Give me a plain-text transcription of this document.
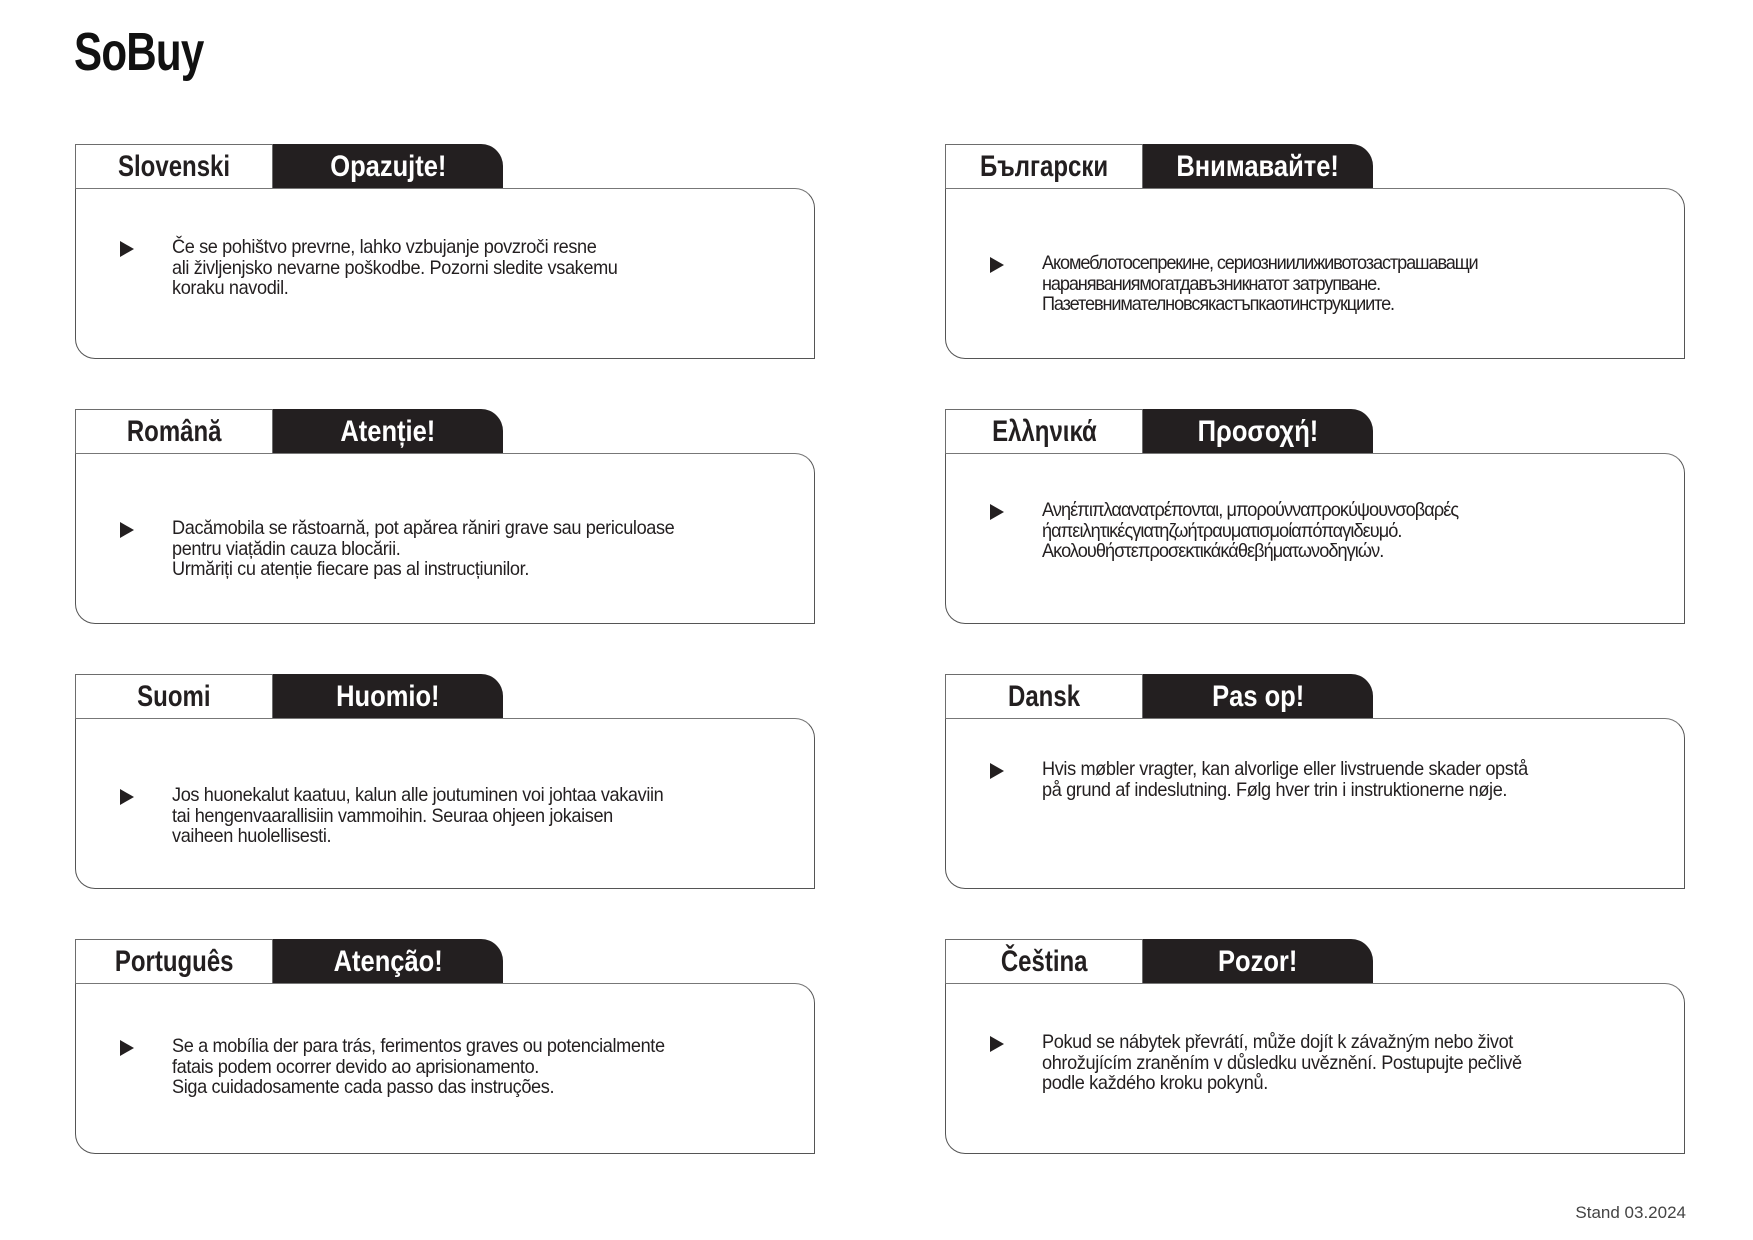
SoBuy
Slovenski	Opazujte!
Če se pohištvo prevrne, lahko vzbujanje povzroči resne
ali življenjsko nevarne poškodbe. Pozorni sledite vsakemu
koraku navodil.
Български Внимавайте!
Акомеблотосепрекине, сериозниилиживотозастрашаващи
нараняваниямогатдавъзникнатот затрупване.
Пазетевнимателновсякастъпкаотинструкциите.
Română	Atenție!
Dacămobila se răstoarnă, pot apărea răniri grave sau periculoase
pentru viațădin cauza blocării.
Urmăriți cu atenție fiecare pas al instrucțiunilor.
Ελληνικά	Προσοχή!
Ανηέπιπλαανατρέπονται, μπορούνναπροκύψουνσοβαρές
ήαπειλητικέςγιατηζωήτραυματισμοίαπόπαγιδευμό.
Ακολουθήστεπροσεκτικάκάθεβήματωνοδηγιών.
Suomi	Huomio!
Jos huonekalut kaatuu, kalun alle joutuminen voi johtaa vakaviin
tai hengenvaarallisiin vammoihin. Seuraa ohjeen jokaisen
vaiheen huolellisesti.
Dansk	Pas op!
Hvis møbler vragter, kan alvorlige eller livstruende skader opstå
på grund af indeslutning. Følg hver trin i instruktionerne nøje.
Português	Atenção!
Se a mobília der para trás, ferimentos graves ou potencialmente
fatais podem ocorrer devido ao aprisionamento.
Siga cuidadosamente cada passo das instruções.
Čeština	Pozor!
Pokud se nábytek převrátí, může dojít k závažným nebo život
ohrožujícím zraněním v důsledku uvěznění. Postupujte pečlivě
podle každého kroku pokynů.
Stand 03.2024
